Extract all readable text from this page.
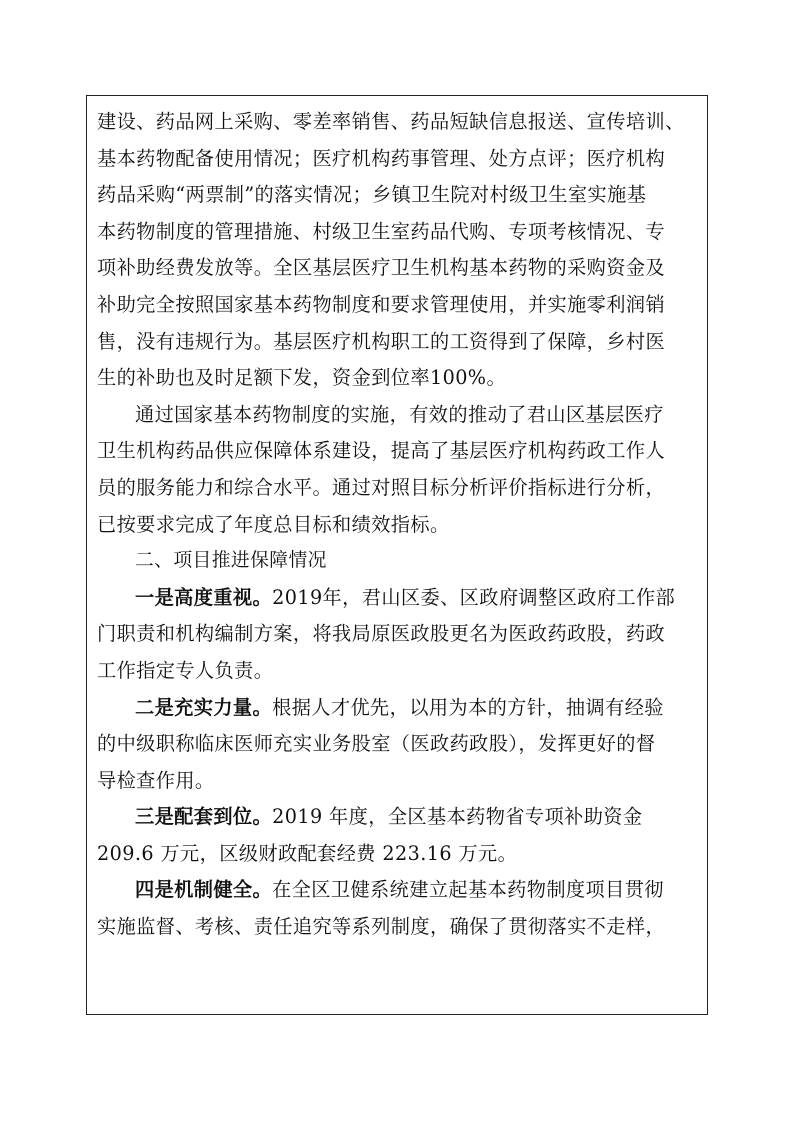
建设、药品网上采购、零差率销售、药品短缺信息报送、宣传培训、
基本药物配备使用情况；医疗机构药事管理、处方点评；医疗机构
药品采购“两票制”的落实情况；乡镇卫生院对村级卫生室实施基
本药物制度的管理措施、村级卫生室药品代购、专项考核情况、专
项补助经费发放等。全区基层医疗卫生机构基本药物的采购资金及
补助完全按照国家基本药物制度和要求管理使用，并实施零利润销
售，没有违规行为。基层医疗机构职工的工资得到了保障，乡村医
生的补助也及时足额下发，资金到位率100%。
通过国家基本药物制度的实施，有效的推动了君山区基层医疗
卫生机构药品供应保障体系建设，提高了基层医疗机构药政工作人
员的服务能力和综合水平。通过对照目标分析评价指标进行分析，
已按要求完成了年度总目标和绩效指标。
二、项目推进保障情况
一是高度重视。2019年，君山区委、区政府调整区政府工作部
门职责和机构编制方案，将我局原医政股更名为医政药政股，药政
工作指定专人负责。
二是充实力量。根据人才优先，以用为本的方针，抽调有经验
的中级职称临床医师充实业务股室（医政药政股），发挥更好的督
导检查作用。
三是配套到位。2019 年度，全区基本药物省专项补助资金
209.6 万元，区级财政配套经费 223.16 万元。
四是机制健全。在全区卫健系统建立起基本药物制度项目贯彻
实施监督、考核、责任追究等系列制度，确保了贯彻落实不走样，
